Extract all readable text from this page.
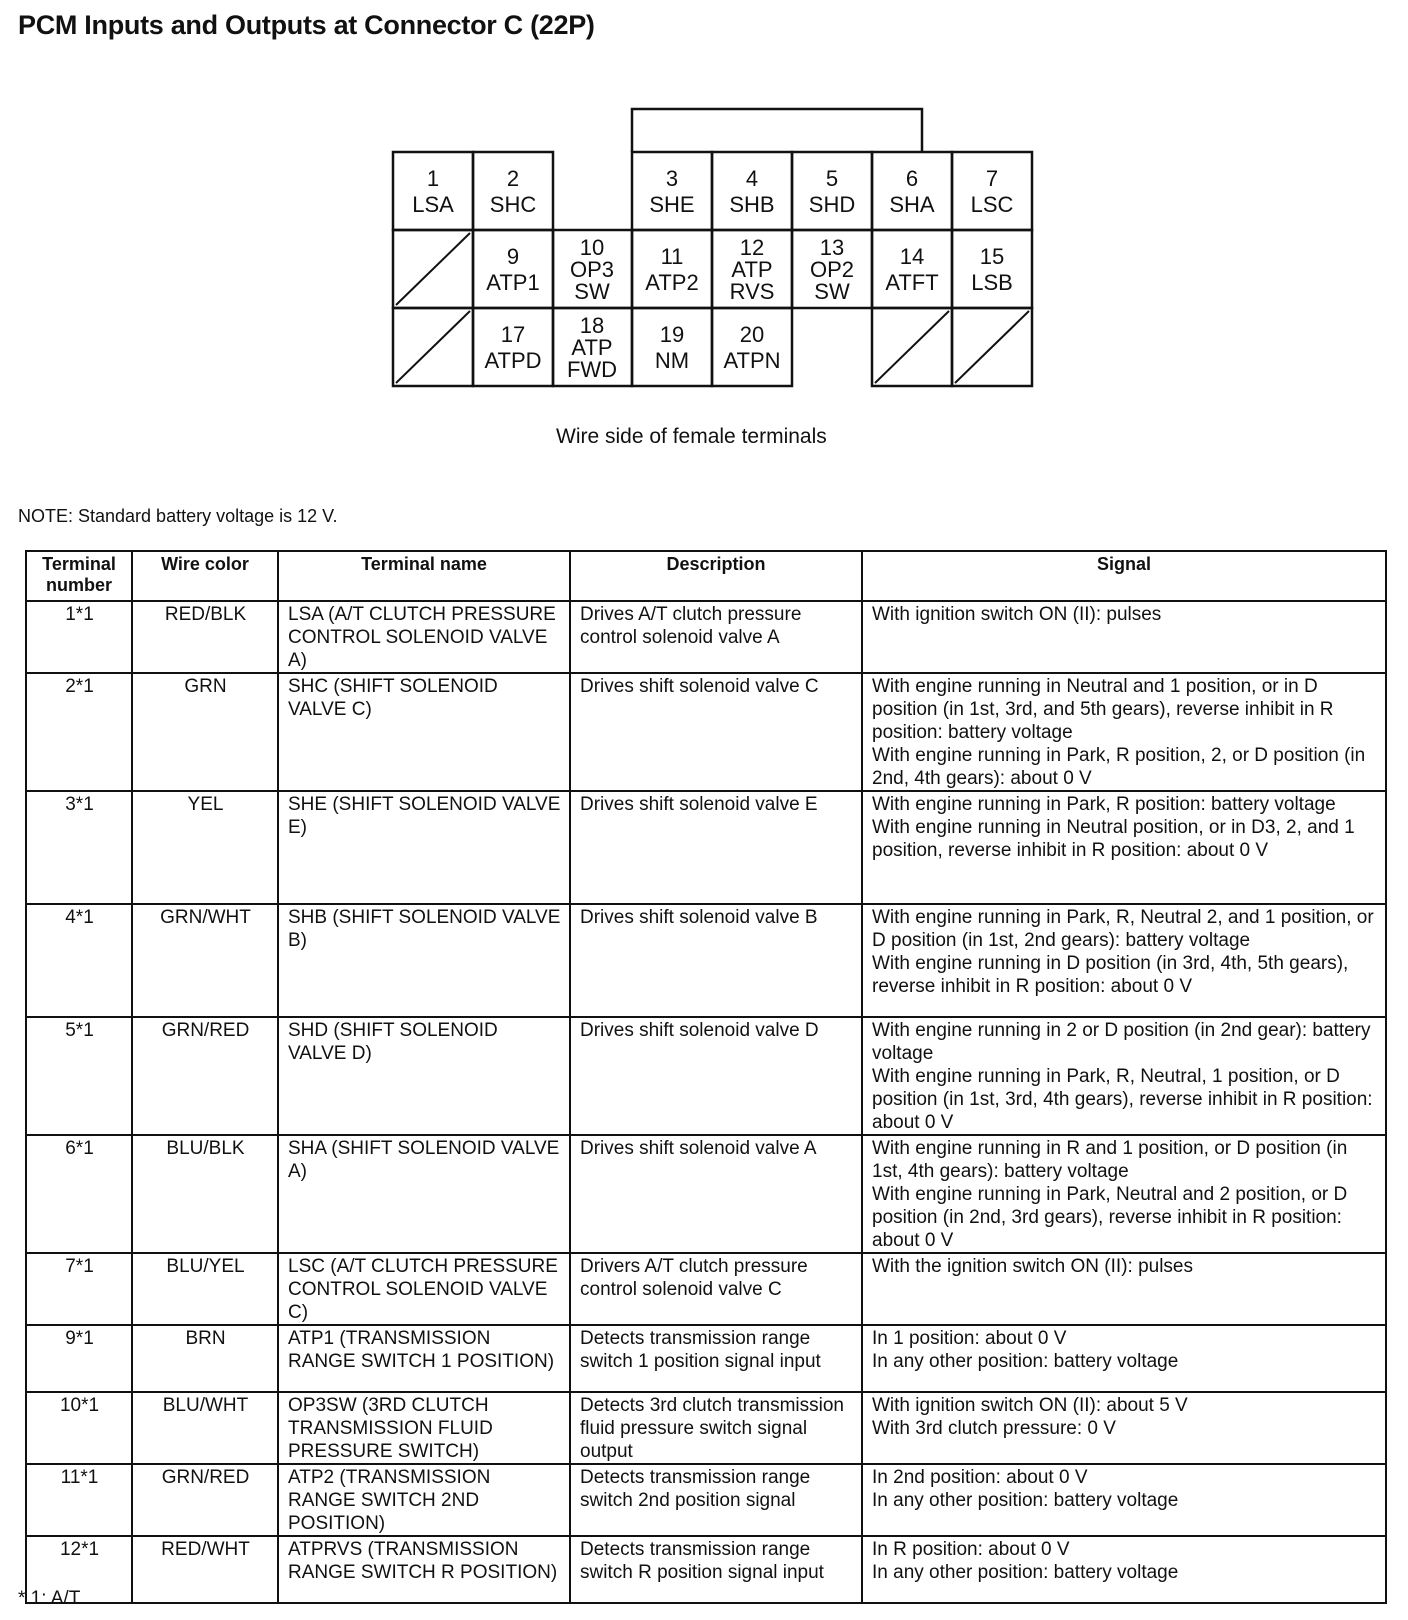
PCM Inputs and Outputs at Connector C (22P)
1
LSA
2
SHC
3
SHE
4
SHB
5
SHD
6
SHA
7
LSC
9
ATP1
10
OP3
SW
11
ATP2
12
ATP
RVS
13
OP2
SW
14
ATFT
15
LSB
17
ATPD
18
ATP
FWD
19
NM
20
ATPN
Wire side of female terminals
NOTE: Standard battery voltage is 12 V.
Terminal number	Wire color	Terminal name	Description	Signal
1*1	RED/BLK	LSA (A/T CLUTCH PRESSURE CONTROL SOLENOID VALVE A)	Drives A/T clutch pressure control solenoid valve A	With ignition switch ON (II): pulses

2*1	GRN	SHC (SHIFT SOLENOID VALVE C)	Drives shift solenoid valve C	With engine running in Neutral and 1 position, or in D position (in 1st, 3rd, and 5th gears), reverse inhibit in R position: battery voltage
With engine running in Park, R position, 2, or D position (in 2nd, 4th gears): about 0 V

3*1	YEL	SHE (SHIFT SOLENOID VALVE E)	Drives shift solenoid valve E	With engine running in Park, R position: battery voltage
With engine running in Neutral position, or in D3, 2, and 1 position, reverse inhibit in R position: about 0 V

4*1	GRN/WHT	SHB (SHIFT SOLENOID VALVE B)	Drives shift solenoid valve B	With engine running in Park, R, Neutral 2, and 1 position, or D position (in 1st, 2nd gears): battery voltage
With engine running in D position (in 3rd, 4th, 5th gears), reverse inhibit in R position: about 0 V

5*1	GRN/RED	SHD (SHIFT SOLENOID VALVE D)	Drives shift solenoid valve D	With engine running in 2 or D position (in 2nd gear): battery voltage
With engine running in Park, R, Neutral, 1 position, or D position (in 1st, 3rd, 4th gears), reverse inhibit in R position: about 0 V

6*1	BLU/BLK	SHA (SHIFT SOLENOID VALVE A)	Drives shift solenoid valve A	With engine running in R and 1 position, or D position (in 1st, 4th gears): battery voltage
With engine running in Park, Neutral and 2 position, or D position (in 2nd, 3rd gears), reverse inhibit in R position: about 0 V

7*1	BLU/YEL	LSC (A/T CLUTCH PRESSURE CONTROL SOLENOID VALVE C)	Drivers A/T clutch pressure control solenoid valve C	With the ignition switch ON (II): pulses

9*1	BRN	ATP1 (TRANSMISSION RANGE SWITCH 1 POSITION)	Detects transmission range switch 1 position signal input	In 1 position: about 0 V
In any other position: battery voltage

10*1	BLU/WHT	OP3SW (3RD CLUTCH TRANSMISSION FLUID PRESSURE SWITCH)	Detects 3rd clutch transmission fluid pressure switch signal output	With ignition switch ON (II): about 5 V
With 3rd clutch pressure: 0 V

11*1	GRN/RED	ATP2 (TRANSMISSION RANGE SWITCH 2ND POSITION)	Detects transmission range switch 2nd position signal	In 2nd position: about 0 V
In any other position: battery voltage

12*1	RED/WHT	ATPRVS (TRANSMISSION RANGE SWITCH R POSITION)	Detects transmission range switch R position signal input	In R position: about 0 V
In any other position: battery voltage
* 1: A/T
